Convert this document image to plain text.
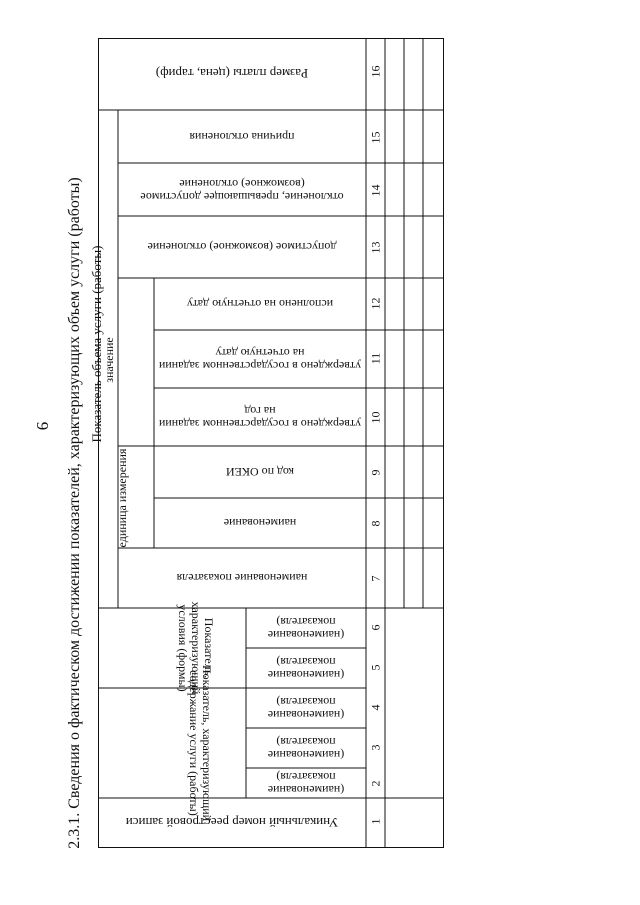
9 2.3.1. Сведения о фактическом достижении показателей, характеризующих объем услуги (работы)	(наименование показателя)
(наименование показателя)
(наименование показателя)
(наименование показателя)
(наименование показателя)
Показатель, характеризующий условия (формы)
Показатель, характеризующий содержание услуги (работы)
Уникальный номер реестровой записи
Размер платы (цена, тариф)
причина отклонения
отклонение, превышающее допустимое (возможное) отклонение
допустимое (возможное) отклонение
исполнено на отчетную дату
утверждено в государственном задании на отчетную дату
утверждено в государственном задании на год
код по ОКЕИ
наименование
наименование показателя
значение
единица измерения
Показатель объема услуги (работы)
16
15
14
13
12
11
10
9
8
7
6
5
4
3
2
1
